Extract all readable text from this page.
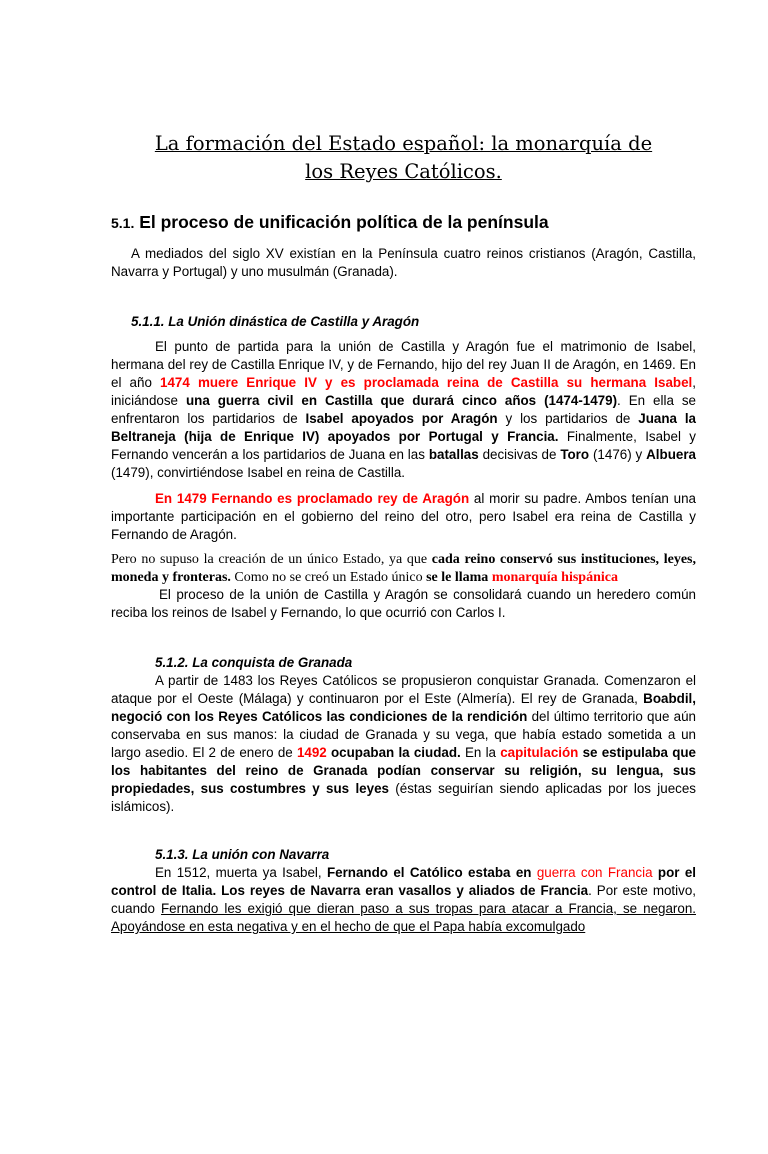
La formación del Estado español: la monarquía de
los Reyes Católicos.
5.1. El proceso de unificación política de la península

A mediados del siglo XV existían en la Península cuatro reinos cristianos (Aragón, Castilla, Navarra y Portugal) y uno musulmán (Granada).

5.1.1. La Unión dinástica de Castilla y Aragón

El punto de partida para la unión de Castilla y Aragón fue el matrimonio de Isabel, hermana del rey de Castilla Enrique IV, y de Fernando, hijo del rey Juan II de Aragón, en 1469. En el año 1474 muere Enrique IV y es proclamada reina de Castilla su hermana Isabel, iniciándose una guerra civil en Castilla que durará cinco años (1474-1479). En ella se enfrentaron los partidarios de Isabel apoyados por Aragón y los partidarios de Juana la Beltraneja (hija de Enrique IV) apoyados por Portugal y Francia. Finalmente, Isabel y Fernando vencerán a los partidarios de Juana en las batallas decisivas de Toro (1476) y Albuera (1479), convirtiéndose Isabel en reina de Castilla.

En 1479 Fernando es proclamado rey de Aragón al morir su padre. Ambos tenían una importante participación en el gobierno del reino del otro, pero Isabel era reina de Castilla y Fernando de Aragón.

Pero no supuso la creación de un único Estado, ya que cada reino conservó sus instituciones, leyes, moneda y fronteras. Como no se creó un Estado único se le llama monarquía hispánica

El proceso de la unión de Castilla y Aragón se consolidará cuando un heredero común reciba los reinos de Isabel y Fernando, lo que ocurrió con Carlos I.

5.1.2. La conquista de Granada

A partir de 1483 los Reyes Católicos se propusieron conquistar Granada. Comenzaron el ataque por el Oeste (Málaga) y continuaron por el Este (Almería). El rey de Granada, Boabdil, negoció con los Reyes Católicos las condiciones de la rendición del último territorio que aún conservaba en sus manos: la ciudad de Granada y su vega, que había estado sometida a un largo asedio. El 2 de enero de 1492 ocupaban la ciudad. En la capitulación se estipulaba que los habitantes del reino de Granada podían conservar su religión, su lengua, sus propiedades, sus costumbres y sus leyes (éstas seguirían siendo aplicadas por los jueces islámicos).

5.1.3. La unión con Navarra

En 1512, muerta ya Isabel, Fernando el Católico estaba en guerra con Francia por el control de Italia. Los reyes de Navarra eran vasallos y aliados de Francia. Por este motivo, cuando Fernando les exigió que dieran paso a sus tropas para atacar a Francia, se negaron. Apoyándose en esta negativa y en el hecho de que el Papa había excomulgado
